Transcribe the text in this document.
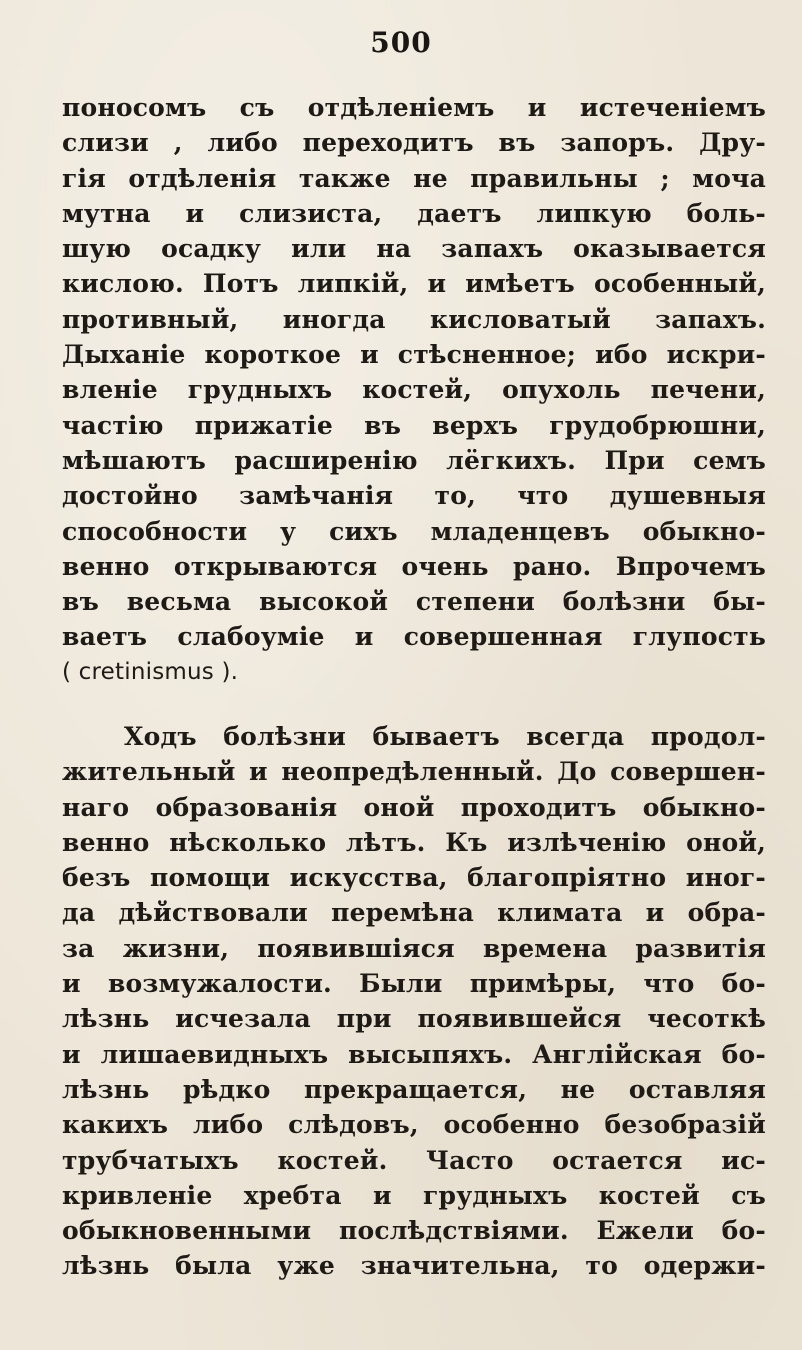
500
поносомъ съ отдѣленіемъ и истеченіемъ
слизи , либо переходитъ въ запоръ. Дру-
гія отдѣленія также не правильны ; моча
мутна и слизиста, даетъ липкую боль-
шую осадку или на запахъ оказывается
кислою. Потъ липкій, и имѣетъ особенный,
противный, иногда кисловатый запахъ.
Дыханіе короткое и стѣсненное; ибо искри-
вленіе грудныхъ костей, опухоль печени,
частію прижатіе въ верхъ грудобрюшни,
мѣшаютъ расширенію лёгкихъ. При семъ
достойно замѣчанія то, что душевныя
способности у сихъ младенцевъ обыкно-
венно открываются очень рано. Впрочемъ
въ весьма высокой степени болѣзни бы-
ваетъ слабоуміе и совершенная глупость
( cretinismus ).
Ходъ болѣзни бываетъ всегда продол-
жительный и неопредѣленный. До совершен-
наго образованія оной проходитъ обыкно-
венно нѣсколько лѣтъ. Къ излѣченію оной,
безъ помощи искусства, благопріятно иног-
да дѣйствовали перемѣна климата и обра-
за жизни, появившіяся времена развитія
и возмужалости. Были примѣры, что бо-
лѣзнь исчезала при появившейся чесоткѣ
и лишаевидныхъ высыпяхъ. Англійская бо-
лѣзнь рѣдко прекращается, не оставляя
какихъ либо слѣдовъ, особенно безобразій
трубчатыхъ костей. Часто остается ис-
кривленіе хребта и грудныхъ костей съ
обыкновенными послѣдствіями. Ежели бо-
лѣзнь была уже значительна, то одержи-
